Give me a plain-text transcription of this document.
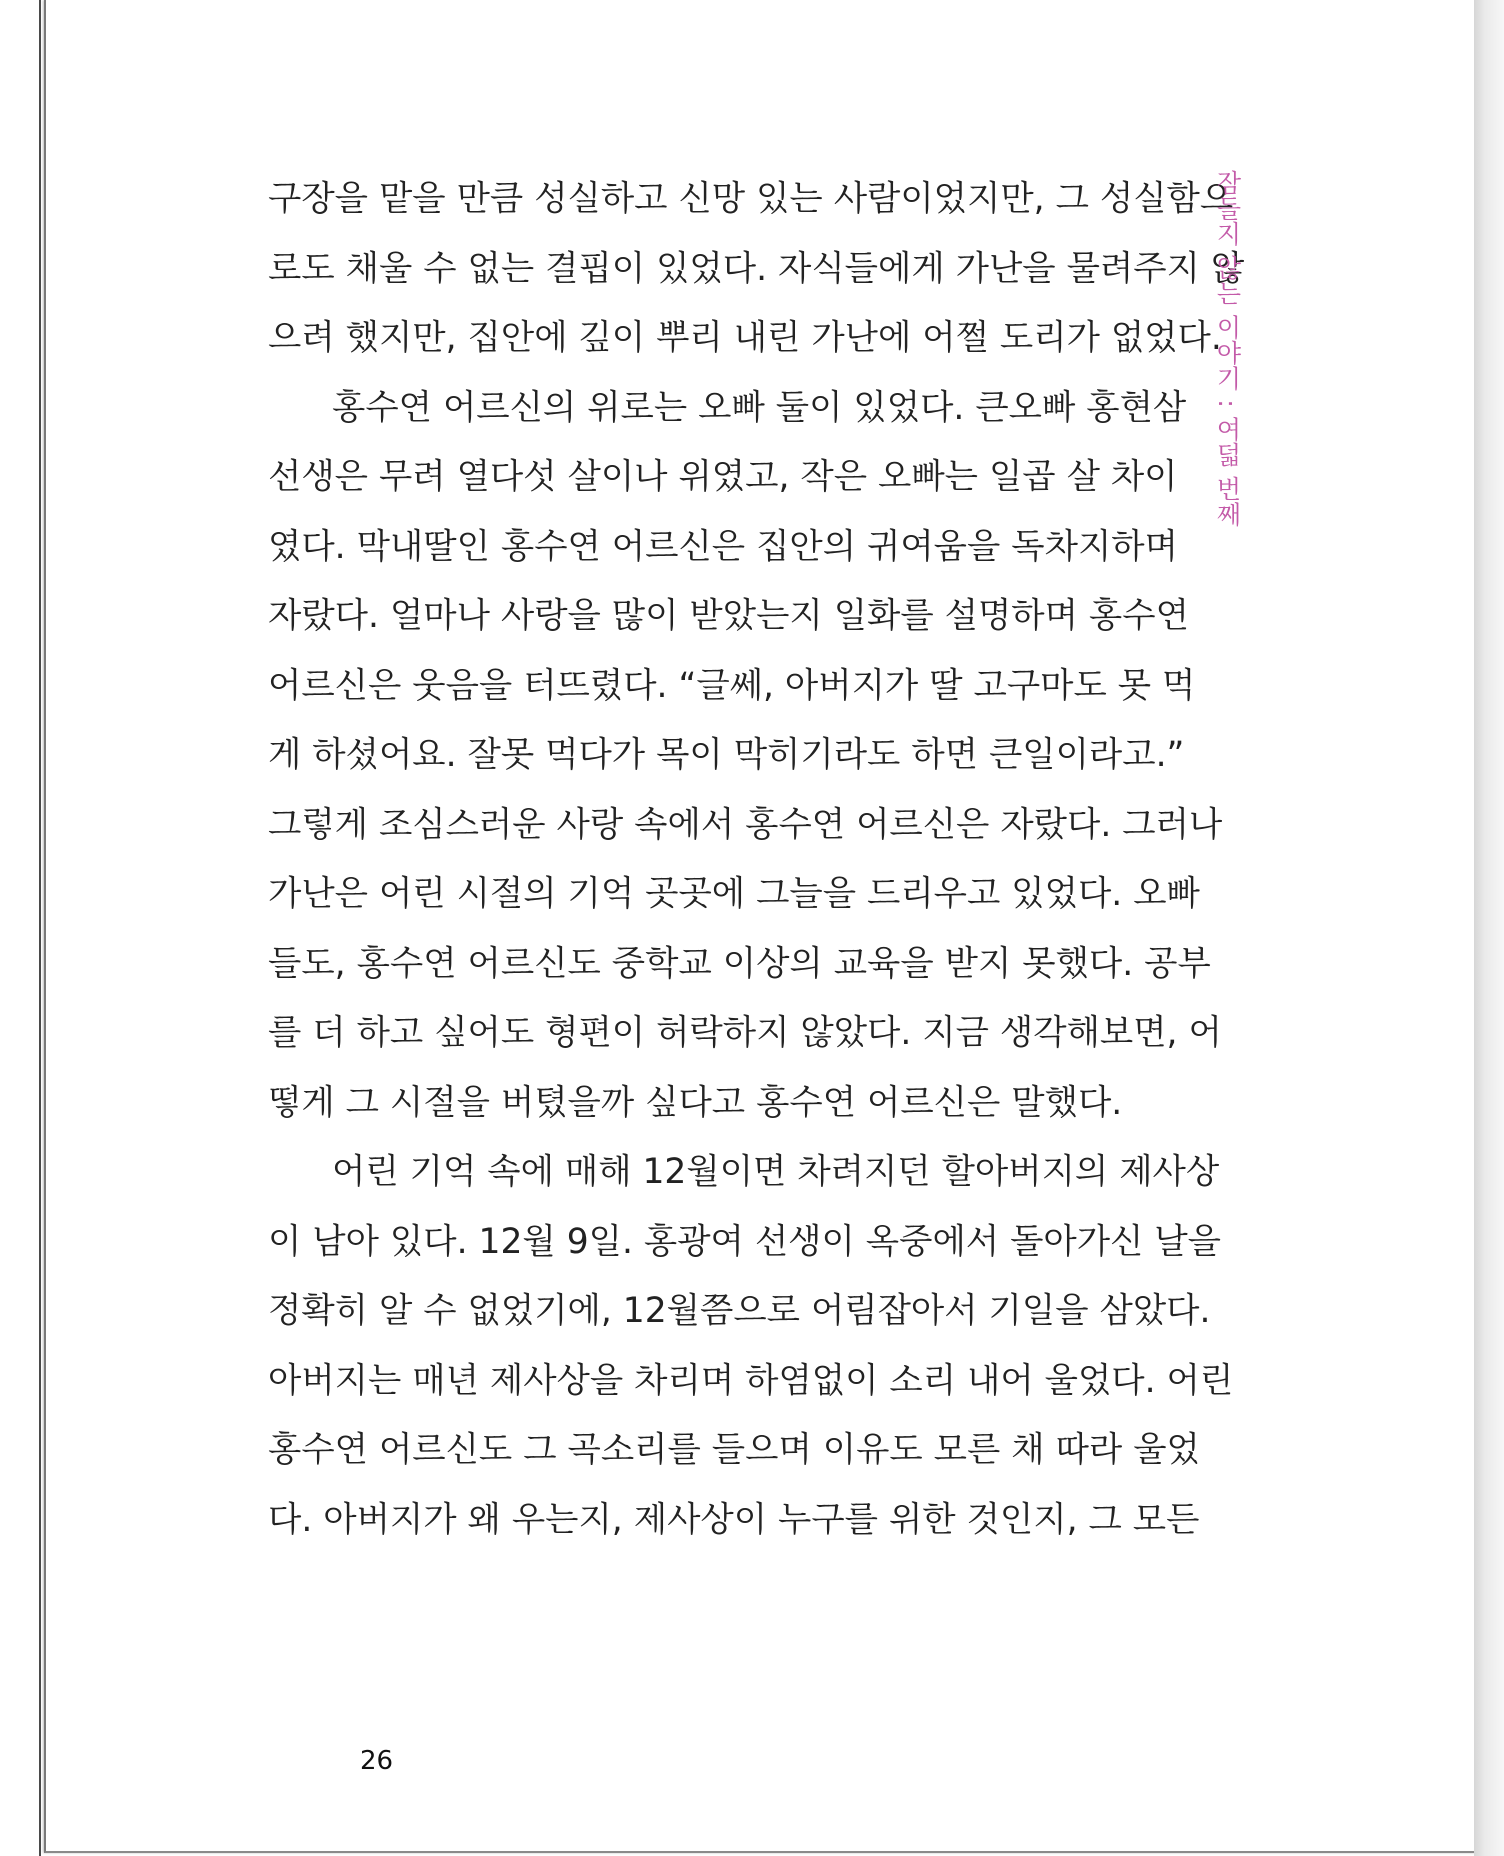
구장을 맡을 만큼 성실하고 신망 있는 사람이었지만, 그 성실함으
로도 채울 수 없는 결핍이 있었다. 자식들에게 가난을 물려주지 않
으려 했지만, 집안에 깊이 뿌리 내린 가난에 어쩔 도리가 없었다.
홍수연 어르신의 위로는 오빠 둘이 있었다. 큰오빠 홍현삼
선생은 무려 열다섯 살이나 위였고, 작은 오빠는 일곱 살 차이
였다. 막내딸인 홍수연 어르신은 집안의 귀여움을 독차지하며
자랐다. 얼마나 사랑을 많이 받았는지 일화를 설명하며 홍수연
어르신은 웃음을 터뜨렸다. “글쎄, 아버지가 딸 고구마도 못 먹
게 하셨어요. 잘못 먹다가 목이 막히기라도 하면 큰일이라고.”
그렇게 조심스러운 사랑 속에서 홍수연 어르신은 자랐다. 그러나
가난은 어린 시절의 기억 곳곳에 그늘을 드리우고 있었다. 오빠
들도, 홍수연 어르신도 중학교 이상의 교육을 받지 못했다. 공부
를 더 하고 싶어도 형편이 허락하지 않았다. 지금 생각해보면, 어
떻게 그 시절을 버텼을까 싶다고 홍수연 어르신은 말했다.
어린 기억 속에 매해 12월이면 차려지던 할아버지의 제사상
이 남아 있다. 12월 9일. 홍광여 선생이 옥중에서 돌아가신 날을
정확히 알 수 없었기에, 12월쯤으로 어림잡아서 기일을 삼았다.
아버지는 매년 제사상을 차리며 하염없이 소리 내어 울었다. 어린
홍수연 어르신도 그 곡소리를 들으며 이유도 모른 채 따라 울었
다. 아버지가 왜 우는지, 제사상이 누구를 위한 것인지, 그 모든
잠들지 않는 이야기 : 여덟 번째
26
